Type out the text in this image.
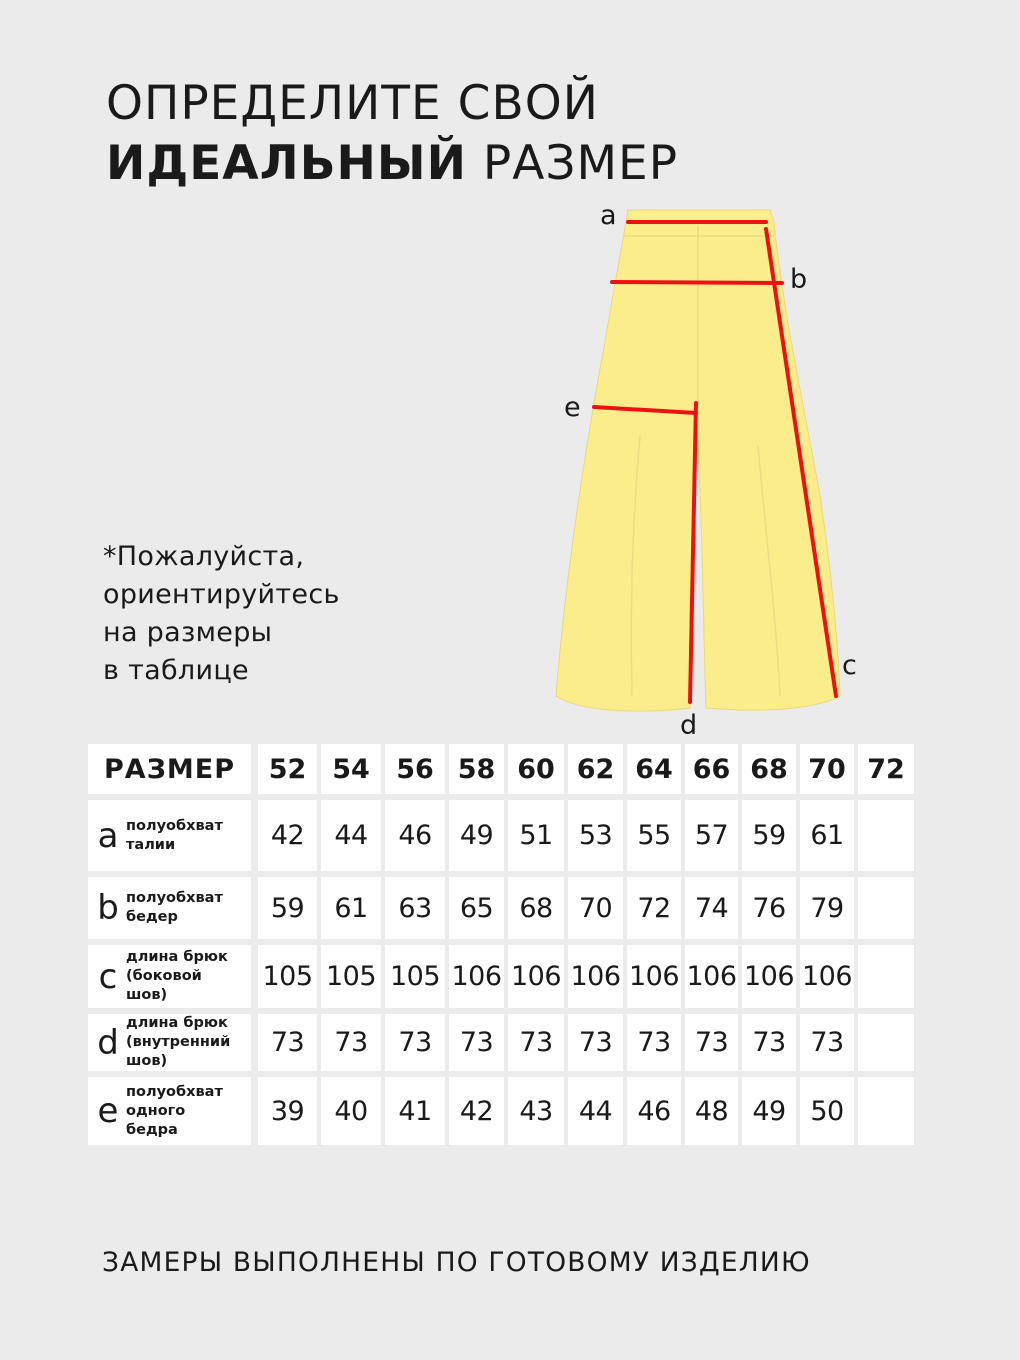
ОПРЕДЕЛИТЕ СВОЙ
ИДЕАЛЬНЫЙ РАЗМЕР
*Пожалуйста,
ориентируйтесь
на размеры
в таблице
a
b
e
c
d
РАЗМЕР	52 54 56 58 60 62 64 66 68 70 72
a полуобхват
талии	42	44	46	49 51 53 55 57 59 61
b полуобхват
бедер	59	61	63	65 68 70 72 74 76 79
c длина брюк
(боковой
шов)
105 105 105 106 106 106 106 106 106 106
d длина брюк
(внутренний
шов)
73	73	73	73 73 73 73 73 73 73
e полуобхват
одного
бедра
39	40	41	42 43 44 46 48 49 50
ЗАМЕРЫ ВЫПОЛНЕНЫ ПО ГОТОВОМУ ИЗДЕЛИЮ
